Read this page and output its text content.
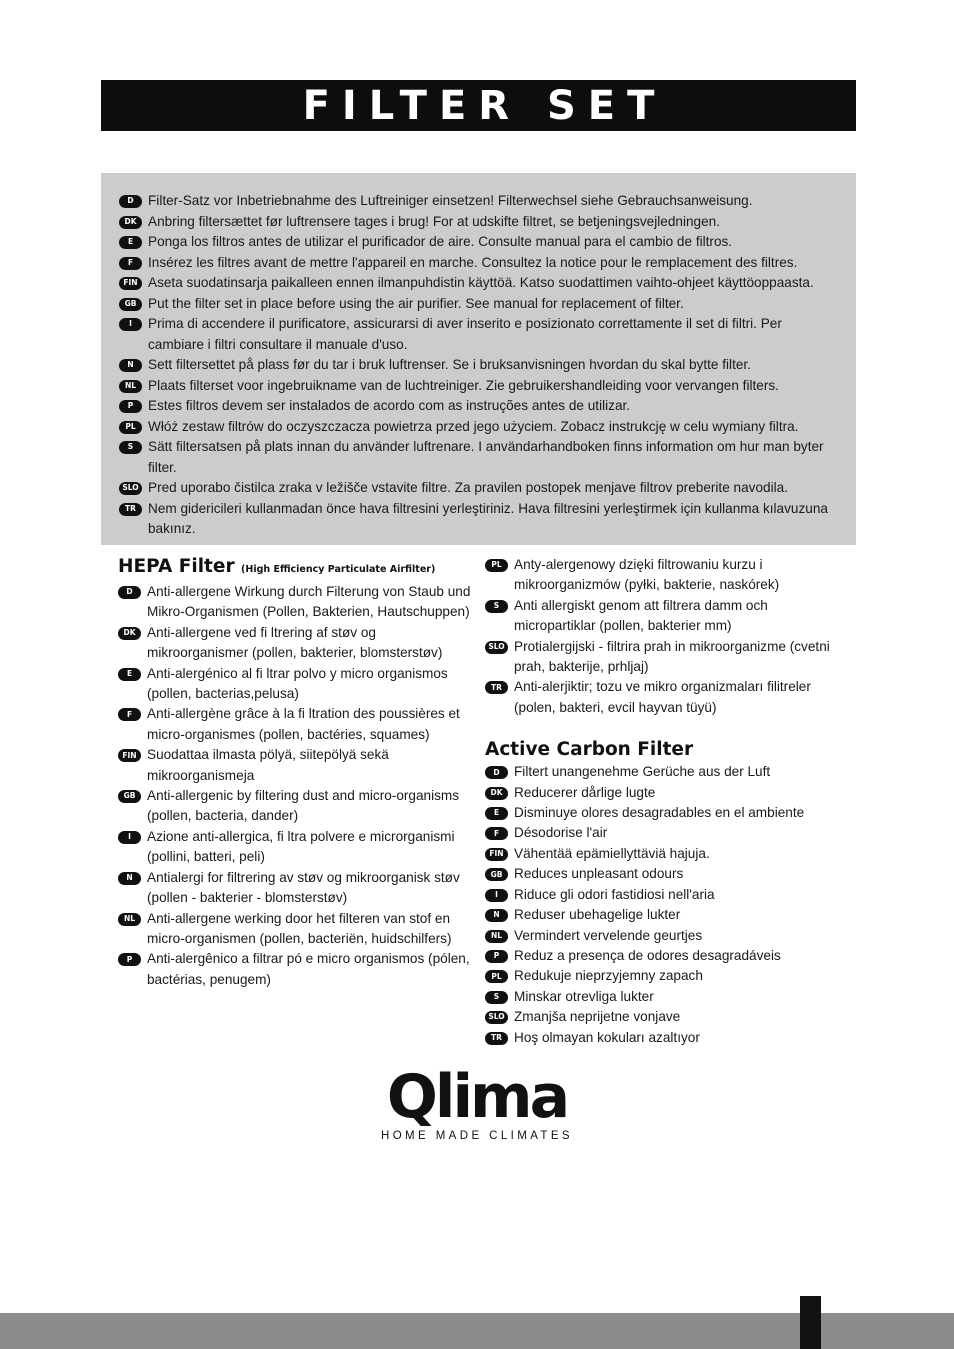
FILTER SET
D	Filter-Satz vor Inbetriebnahme des Luftreiniger einsetzen! Filterwechsel siehe Gebrauchsanweisung.
DK Anbring filtersættet før luftrensere tages i brug! For at udskifte filtret, se betjeningsvejledningen.
E	Ponga los filtros antes de utilizar el purificador de aire. Consulte manual para el cambio de filtros.
F	Insérez les filtres avant de mettre l'appareil en marche. Consultez la notice pour le remplacement des filtres.
FIN Aseta suodatinsarja paikalleen ennen ilmanpuhdistin käyttöä. Katso suodattimen vaihto-ohjeet käyttöoppaasta.
GB Put the filter set in place before using the air purifier. See manual for replacement of filter.
I	Prima di accendere il purificatore, assicurarsi di aver inserito e posizionato correttamente il set di filtri. Per cambiare i filtri consultare il manuale d'uso.
N	Sett filtersettet på plass før du tar i bruk luftrenser. Se i bruksanvisningen hvordan du skal bytte filter.
NL Plaats filterset voor ingebruikname van de luchtreiniger. Zie gebruikershandleiding voor vervangen filters.
P	Estes filtros devem ser instalados de acordo com as instruções antes de utilizar.
PL Włóż zestaw filtrów do oczyszczacza powietrza przed jego użyciem. Zobacz instrukcję w celu wymiany filtra.
S	Sätt filtersatsen på plats innan du använder luftrenare. I användarhandboken finns information om hur man byter filter.
SLO Pred uporabo čistilca zraka v ležišče vstavite filtre. Za pravilen postopek menjave filtrov preberite navodila.
TR Nem gidericileri kullanmadan önce hava filtresini yerleştiriniz. Hava filtresini yerleştirmek için kullanma kılavuzuna bakınız.
HEPA Filter (High Efficiency Particulate Airfilter)
D	Anti-allergene Wirkung durch Filterung von Staub und Mikro-Organismen (Pollen, Bakterien, Hautschuppen)
DK Anti-allergene ved fi ltrering af støv og mikroorganismer (pollen, bakterier, blomsterstøv)
E	Anti-alergénico al fi ltrar polvo y micro organismos (pollen, bacterias,pelusa)
F	Anti-allergène grâce à la fi ltration des poussières et micro-organismes (pollen, bactéries, squames)
FIN Suodattaa ilmasta pölyä, siitepölyä sekä mikroorganismeja
GB Anti-allergenic by filtering dust and micro-organisms (pollen, bacteria, dander)
I	Azione anti-allergica, fi ltra polvere e microrganismi (pollini, batteri, peli)
N	Antialergi for filtrering av støv og mikroorganisk støv (pollen - bakterier - blomsterstøv)
NL Anti-allergene werking door het filteren van stof en micro-organismen (pollen, bacteriën, huidschilfers)
P	Anti-alergênico a filtrar pó e micro organismos (pólen, bactérias, penugem)
PL Anty-alergenowy dzięki filtrowaniu kurzu i mikroorganizmów (pyłki, bakterie, naskórek)
S	Anti allergiskt genom att filtrera damm och micropartiklar (pollen, bakterier mm)
SLO Protialergijski - filtrira prah in mikroorganizme (cvetni prah, bakterije, prhljaj)
TR Anti-alerjiktir; tozu ve mikro organizmaları filitreler (polen, bakteri, evcil hayvan tüyü)
Active Carbon Filter
D	Filtert unangenehme Gerüche aus der Luft
DK Reducerer dårlige lugte
E	Disminuye olores desagradables en el ambiente
F	Désodorise l'air
FIN Vähentää epämiellyttäviä hajuja.
GB Reduces unpleasant odours
I	Riduce gli odori fastidiosi nell'aria
N	Reduser ubehagelige lukter
NL Vermindert vervelende geurtjes
P	Reduz a presença de odores desagradáveis
PL Redukuje nieprzyjemny zapach
S	Minskar otrevliga lukter
SLO Zmanjša neprijetne vonjave
TR Hoş olmayan kokuları azaltıyor
Qlima
HOME MADE CLIMATES
